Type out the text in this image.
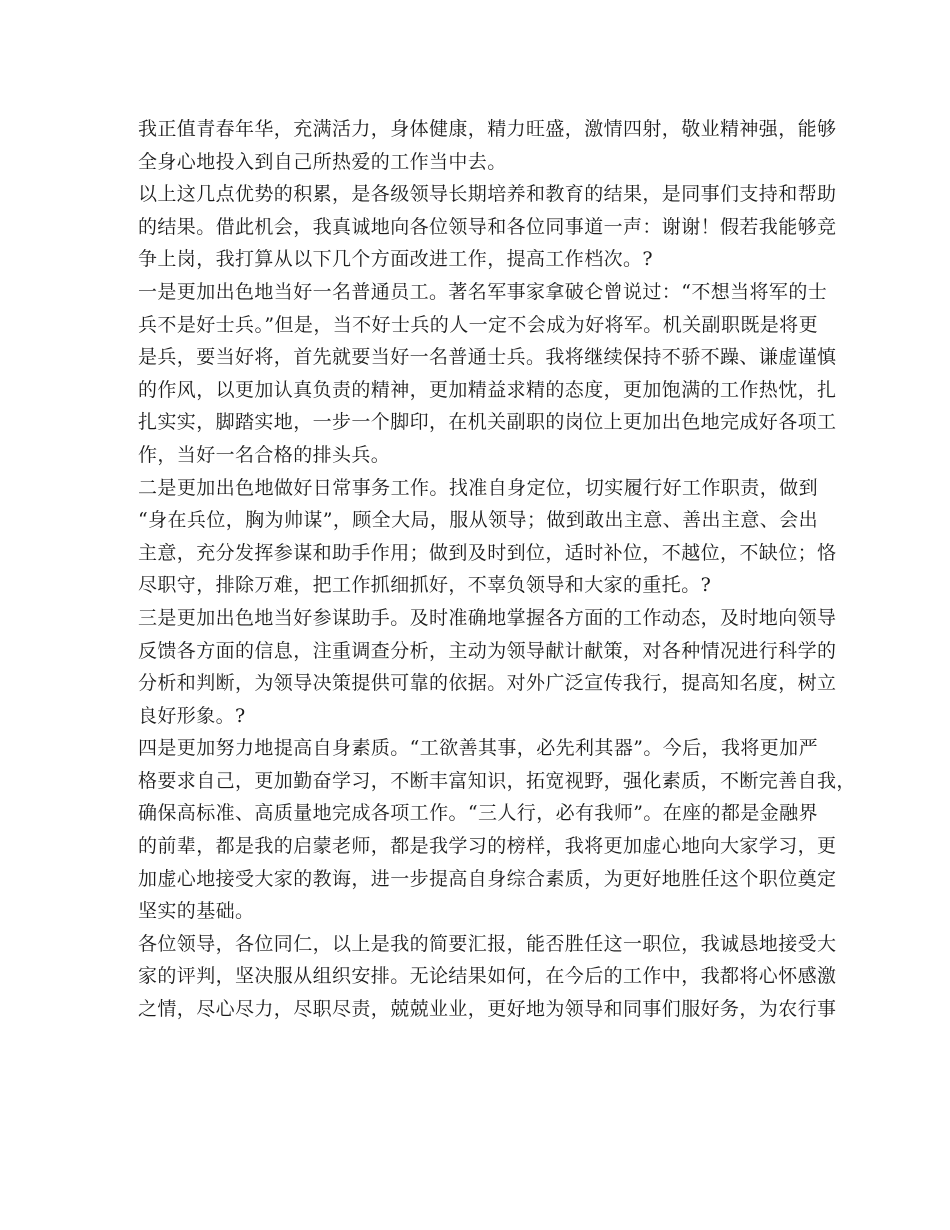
我正值青春年华，充满活力，身体健康，精力旺盛，激情四射，敬业精神强，能够
全身心地投入到自己所热爱的工作当中去。
以上这几点优势的积累，是各级领导长期培养和教育的结果，是同事们支持和帮助
的结果。借此机会，我真诚地向各位领导和各位同事道一声：谢谢！假若我能够竞
争上岗，我打算从以下几个方面改进工作，提高工作档次。?
一是更加出色地当好一名普通员工。著名军事家拿破仑曾说过：“不想当将军的士
兵不是好士兵。”但是，当不好士兵的人一定不会成为好将军。机关副职既是将更
是兵，要当好将，首先就要当好一名普通士兵。我将继续保持不骄不躁、谦虚谨慎
的作风，以更加认真负责的精神，更加精益求精的态度，更加饱满的工作热忱，扎
扎实实，脚踏实地，一步一个脚印，在机关副职的岗位上更加出色地完成好各项工
作，当好一名合格的排头兵。
二是更加出色地做好日常事务工作。找准自身定位，切实履行好工作职责，做到
“身在兵位，胸为帅谋”，顾全大局，服从领导；做到敢出主意、善出主意、会出
主意，充分发挥参谋和助手作用；做到及时到位，适时补位，不越位，不缺位；恪
尽职守，排除万难，把工作抓细抓好，不辜负领导和大家的重托。?
三是更加出色地当好参谋助手。及时准确地掌握各方面的工作动态，及时地向领导
反馈各方面的信息，注重调查分析，主动为领导献计献策，对各种情况进行科学的
分析和判断，为领导决策提供可靠的依据。对外广泛宣传我行，提高知名度，树立
良好形象。?
四是更加努力地提高自身素质。“工欲善其事，必先利其器”。今后，我将更加严
格要求自己，更加勤奋学习，不断丰富知识，拓宽视野，强化素质，不断完善自我，
确保高标准、高质量地完成各项工作。“三人行，必有我师”。在座的都是金融界
的前辈，都是我的启蒙老师，都是我学习的榜样，我将更加虚心地向大家学习，更
加虚心地接受大家的教诲，进一步提高自身综合素质，为更好地胜任这个职位奠定
坚实的基础。
各位领导，各位同仁，以上是我的简要汇报，能否胜任这一职位，我诚恳地接受大
家的评判，坚决服从组织安排。无论结果如何，在今后的工作中，我都将心怀感激
之情，尽心尽力，尽职尽责，兢兢业业，更好地为领导和同事们服好务，为农行事
